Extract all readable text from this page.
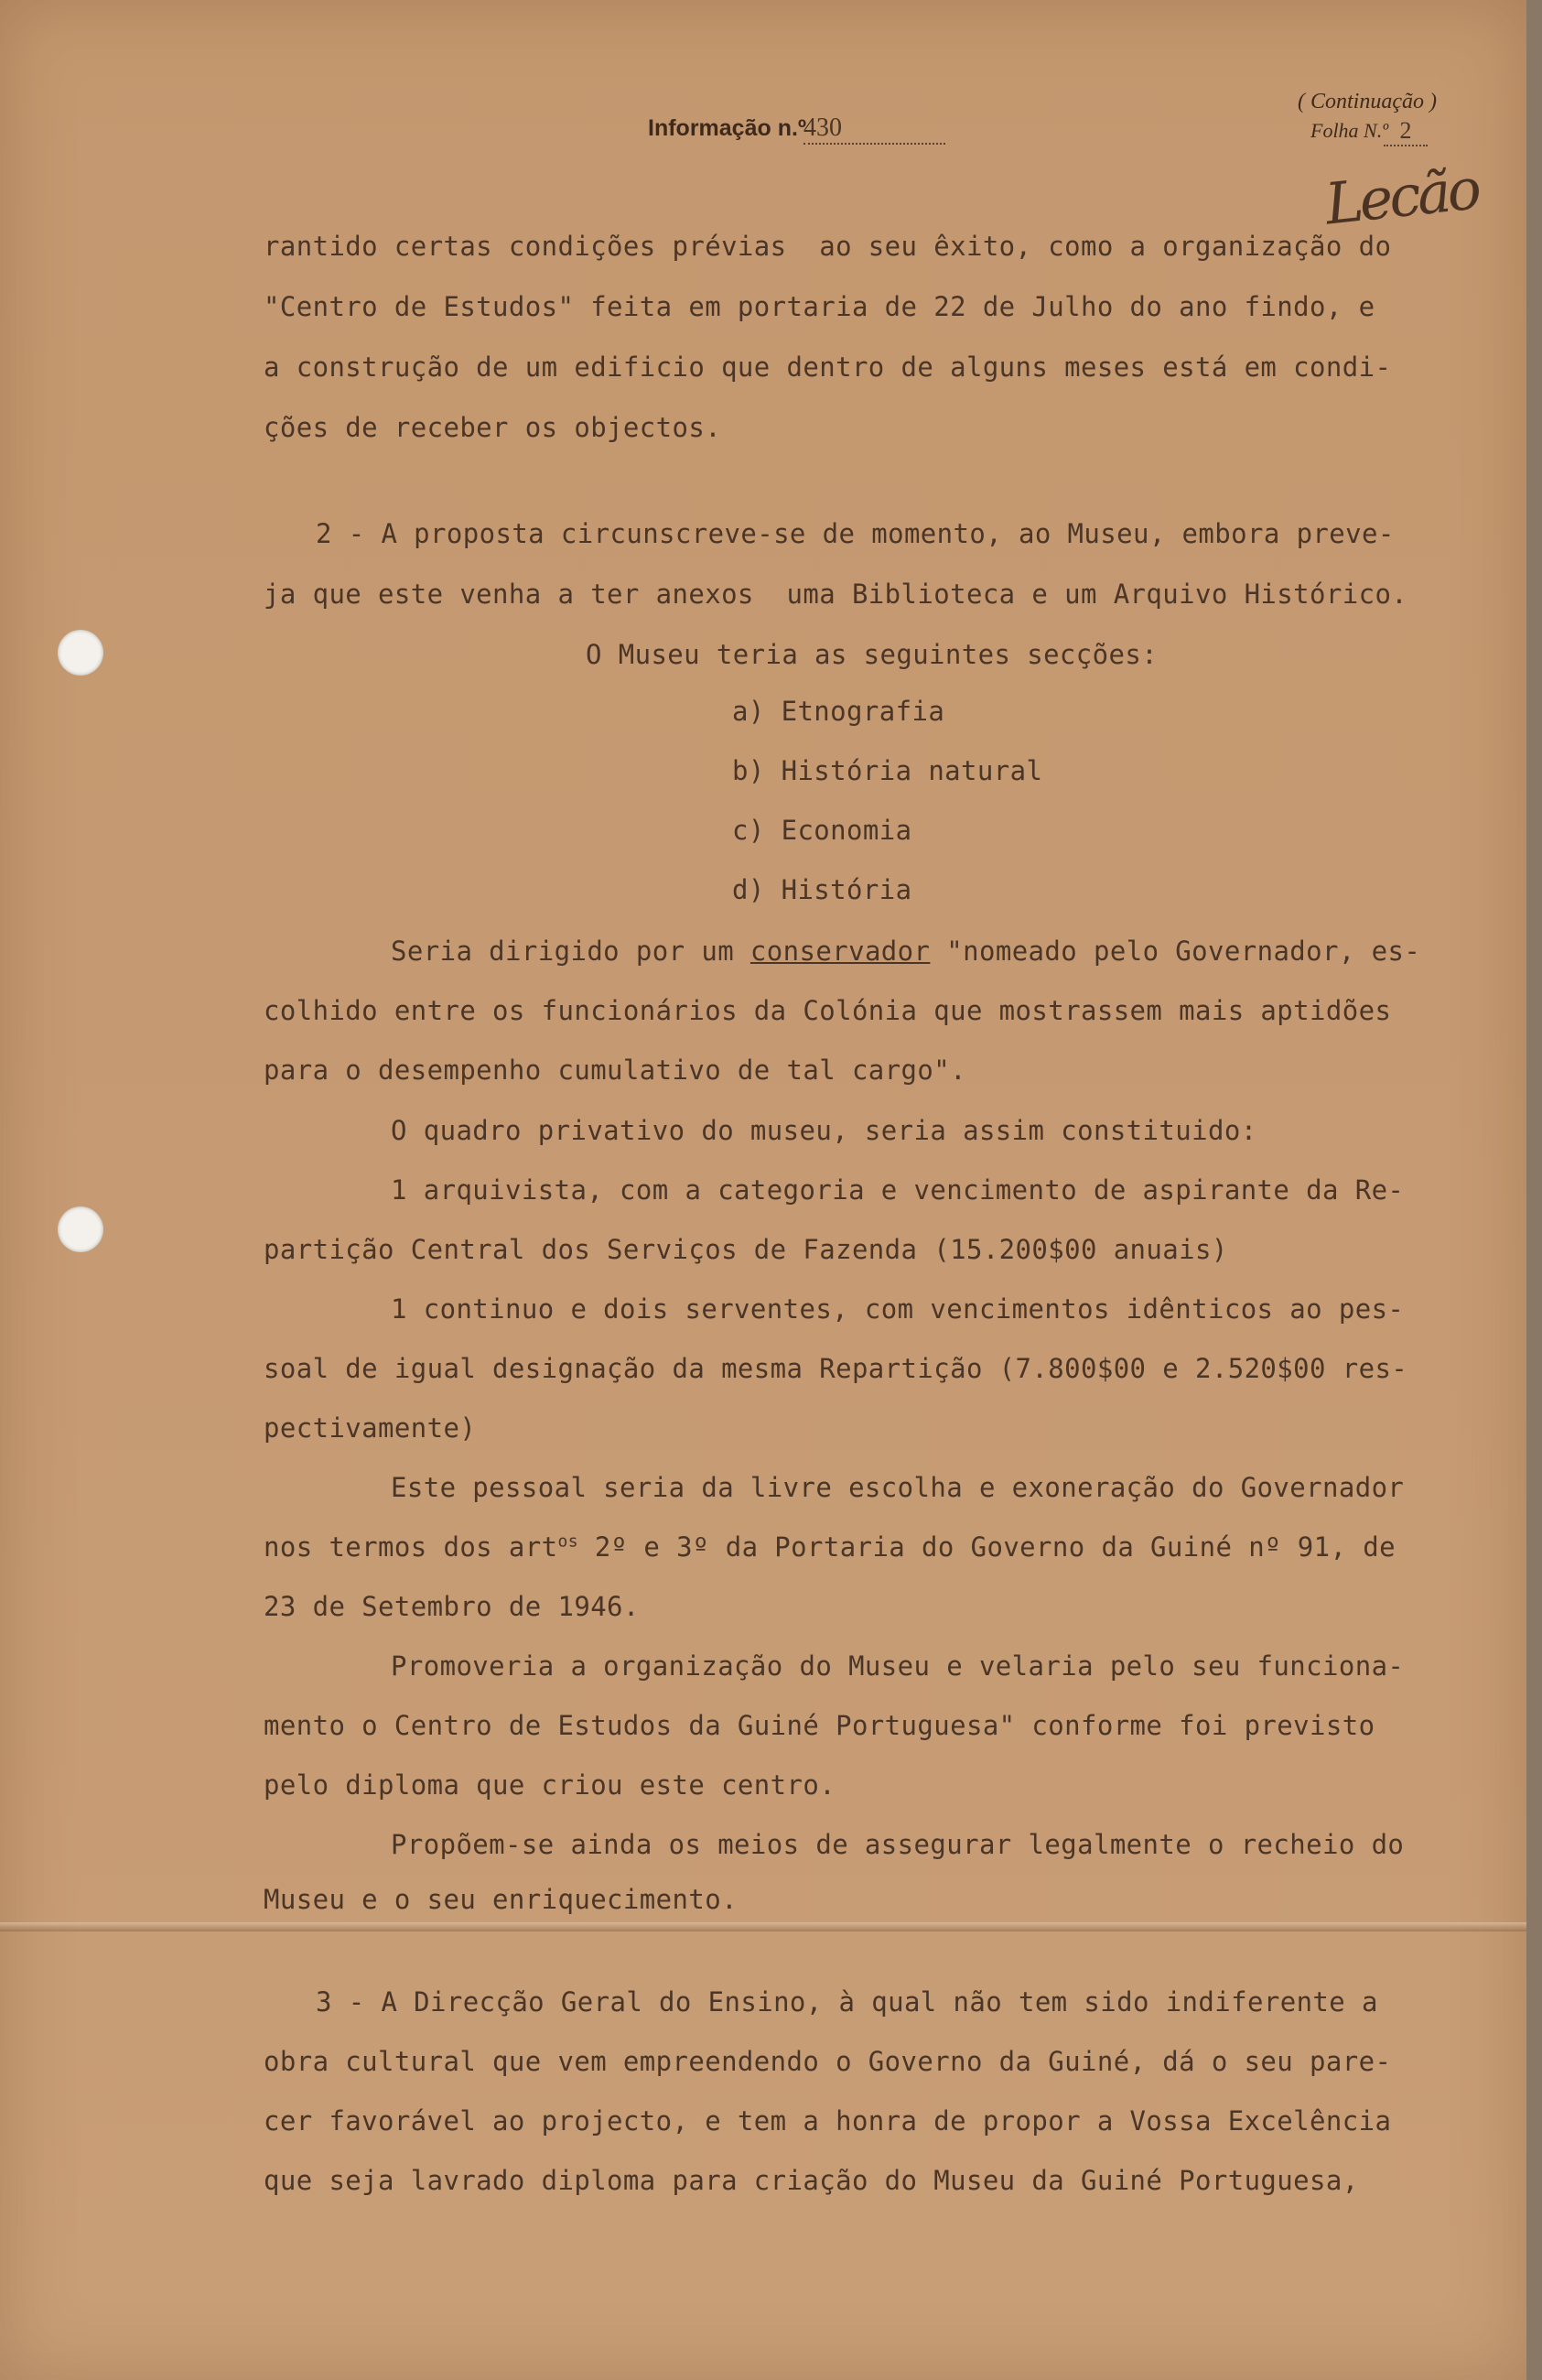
Informação n.º
430
( Continuação )
Folha N.º 2
Lecão
rantido certas condições prévias  ao seu êxito, como a organização do
"Centro de Estudos" feita em portaria de 22 de Julho do ano findo, e
a construção de um edificio que dentro de alguns meses está em condi-
ções de receber os objectos.
2 - A proposta circunscreve-se de momento, ao Museu, embora preve-
ja que este venha a ter anexos  uma Biblioteca e um Arquivo Histórico.
O Museu teria as seguintes secções:
a) Etnografia
b) História natural
c) Economia
d) História
Seria dirigido por um conservador "nomeado pelo Governador, es-
colhido entre os funcionários da Colónia que mostrassem mais aptidões
para o desempenho cumulativo de tal cargo".
O quadro privativo do museu, seria assim constituido:
1 arquivista, com a categoria e vencimento de aspirante da Re-
partição Central dos Serviços de Fazenda (15.200$00 anuais)
1 continuo e dois serventes, com vencimentos idênticos ao pes-
soal de igual designação da mesma Repartição (7.800$00 e 2.520$00 res-
pectivamente)
Este pessoal seria da livre escolha e exoneração do Governador
nos termos dos art$^{os}$ 2º e 3º da Portaria do Governo da Guiné nº 91, de
23 de Setembro de 1946.
Promoveria a organização do Museu e velaria pelo seu funciona-
mento o Centro de Estudos da Guiné Portuguesa" conforme foi previsto
pelo diploma que criou este centro.
Propõem-se ainda os meios de assegurar legalmente o recheio do
Museu e o seu enriquecimento.
3 - A Direcção Geral do Ensino, à qual não tem sido indiferente a
obra cultural que vem empreendendo o Governo da Guiné, dá o seu pare-
cer favorável ao projecto, e tem a honra de propor a Vossa Excelência
que seja lavrado diploma para criação do Museu da Guiné Portuguesa,
